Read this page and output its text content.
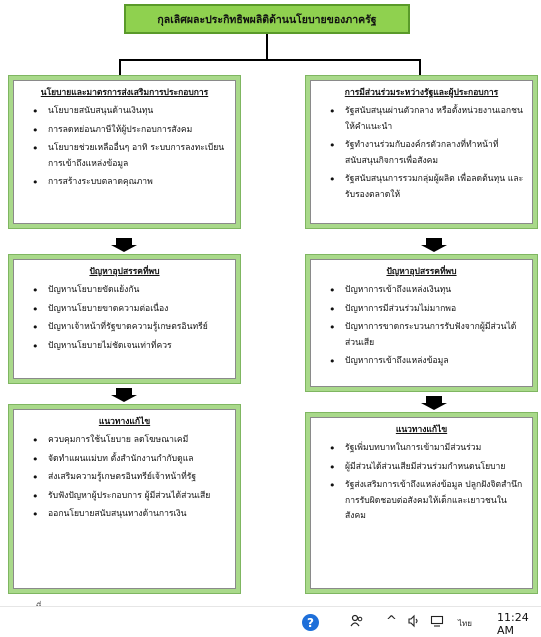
กุลเลิศผละประกิทธิพผลิติด้านนโยบายของภาครัฐ
นโยบายและมาตรการส่งเสริมการประกอบการ
• นโยบายสนับสนุนด้านเงินทุน
• การลดหย่อนภาษีให้ผู้ประกอบการสังคม
• นโยบายช่วยเหลืออื่นๆ อาทิ ระบบการลงทะเบียน การเข้าถึงแหล่งข้อมูล
• การสร้างระบบตลาดคุณภาพ
การมีส่วนร่วมระหว่างรัฐและผู้ประกอบการ
• รัฐสนับสนุนผ่านตัวกลาง หรือตั้งหน่วยงานเอกชนให้คำแนะนำ
• รัฐทำงานร่วมกับองค์กรตัวกลางที่ทำหน้าที่สนับสนุนกิจการเพื่อสังคม
• รัฐสนับสนุนการรวมกลุ่มผู้ผลิต เพื่อลดต้นทุน และรับรองตลาดให้
ปัญหาอุปสรรคที่พบ
• ปัญหานโยบายขัดแย้งกัน
• ปัญหานโยบายขาดความต่อเนื่อง
• ปัญหาเจ้าหน้าที่รัฐขาดความรู้เกษตรอินทรีย์
• ปัญหานโยบายไม่ชัดเจนเท่าที่ควร
ปัญหาอุปสรรคที่พบ
• ปัญหาการเข้าถึงแหล่งเงินทุน
• ปัญหาการมีส่วนร่วมไม่มากพอ
• ปัญหาการขาดกระบวนการรับฟังจากผู้มีส่วนได้ส่วนเสีย
• ปัญหาการเข้าถึงแหล่งข้อมูล
แนวทางแก้ไข
• ควบคุมการใช้นโยบาย ลดโฆษณาเคมี
• จัดทำแผนแม่บท ตั้งสำนักงานกำกับดูแล
• ส่งเสริมความรู้เกษตรอินทรีย์เจ้าหน้าที่รัฐ
• รับฟังปัญหาผู้ประกอบการ ผู้มีส่วนได้ส่วนเสีย
• ออกนโยบายสนับสนุนทางด้านการเงิน
แนวทางแก้ไข
• รัฐเพิ่มบทบาทในการเข้ามามีส่วนร่วม
• ผู้มีส่วนได้ส่วนเสียมีส่วนร่วมกำหนดนโยบาย
• รัฐส่งเสริมการเข้าถึงแหล่งข้อมูล ปลูกฝังจิตสำนึกการรับผิดชอบต่อสังคมให้เด็กและเยาวชนในสังคม
?	^	ไทย 11:24 AM
